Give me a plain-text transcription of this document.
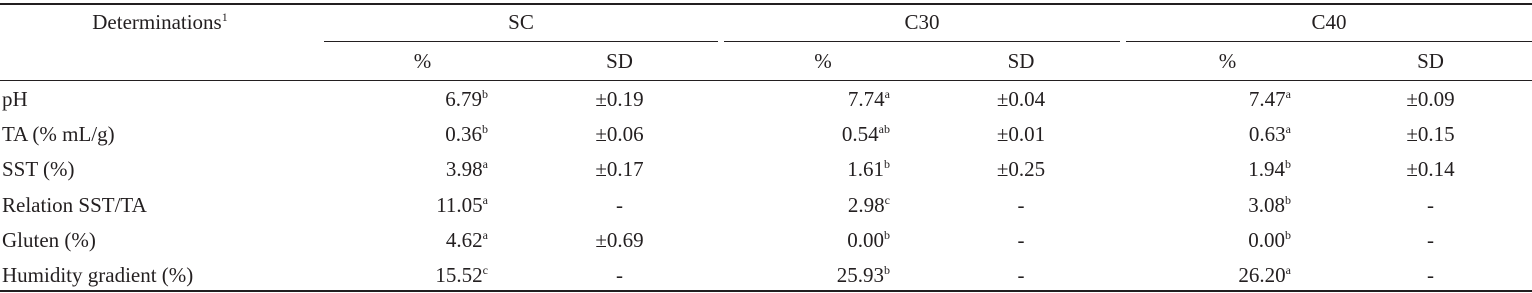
Determinations$^1$	SC	C30	C40
%	SD	%	SD	%	SD
pH	6.79$^b$	±0.19	7.74$^a$	±0.04	7.47$^a$	±0.09
TA (% mL/g)	0.36$^b$	±0.06	0.54$^{ab}$	±0.01	0.63$^a$	±0.15
SST (%)	3.98$^a$	±0.17	1.61$^b$	±0.25	1.94$^b$	±0.14
Relation SST/TA	11.05$^a$	-	2.98$^c$	-	3.08$^b$	-
Gluten (%)	4.62$^a$	±0.69	0.00$^b$	-	0.00$^b$	-
Humidity gradient (%)	15.52$^c$	-	25.93$^b$	-	26.20$^a$	-
